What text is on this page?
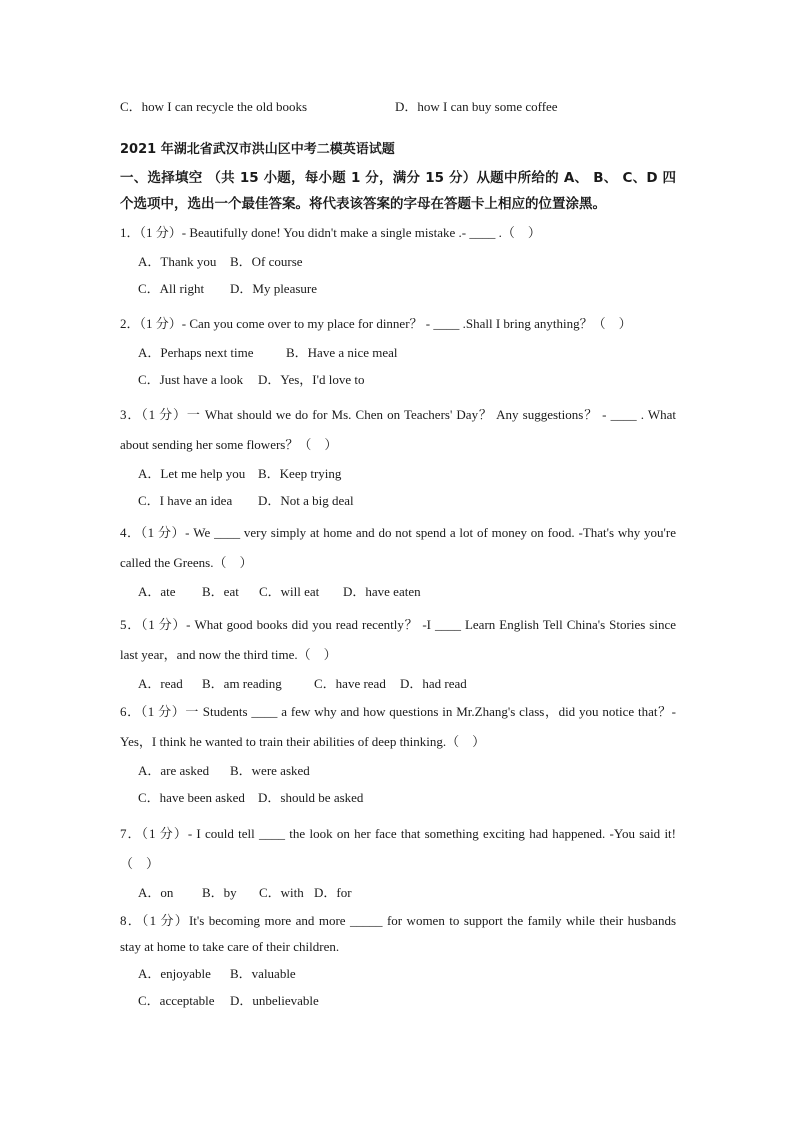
C．how I can recycle the old books	D．how I can buy some coffee
2021 年湖北省武汉市洪山区中考二模英语试题
一、选择填空 （共 15 小题，每小题 1 分，满分 15 分）从题中所给的 A、 B、 C、D 四个选项中，选出一个最佳答案。将代表该答案的字母在答题卡上相应的位置涂黑。
1．（1 分）- Beautifully done! You didn't make a single mistake .- ____ .（　）
A．Thank you B．Of course
C．All right D．My pleasure
2．（1 分）- Can you come over to my place for dinner？ - ____ .Shall I bring anything？（　）
A．Perhaps next time B．Have a nice meal
C．Just have a look D．Yes，I'd love to
3．（1 分）一 What should we do for Ms. Chen on Teachers' Day？ Any suggestions？ - ____ . What about sending her some flowers？（　）
A．Let me help you B．Keep trying
C．I have an idea D．Not a big deal
4．（1 分）- We ____ very simply at home and do not spend a lot of money on food. -That's why you're called the Greens.（　）
A．ate B．eat C．will eat D．have eaten
5．（1 分）- What good books did you read recently？ -I ____ Learn English Tell China's Stories since last year，and now the third time.（　）
A．read B．am reading C．have read D．had read
6．（1 分）一 Students ____ a few why and how questions in Mr.Zhang's class，did you notice that？-Yes，I think he wanted to train their abilities of deep thinking.（　）
A．are asked B．were asked
C．have been asked D．should be asked
7．（1 分）- I could tell ____ the look on her face that something exciting had happened. -You said it!（　）
A．on B．by C．with D．for
8．（1 分）It's becoming more and more _____ for women to support the family while their husbands stay at home to take care of their children.
A．enjoyable B．valuable
C．acceptable D．unbelievable
